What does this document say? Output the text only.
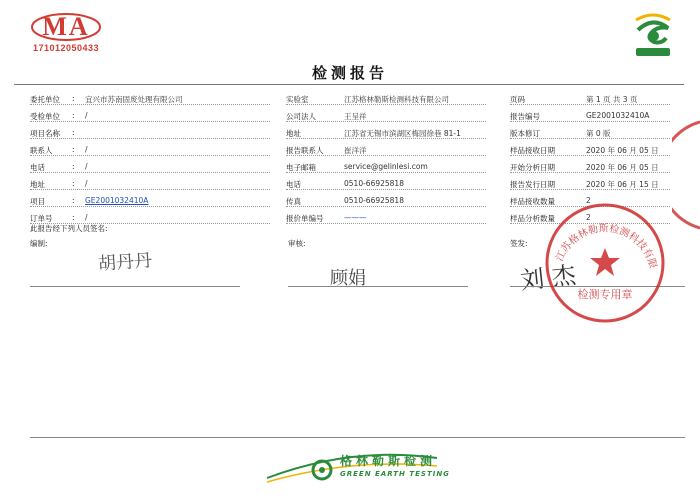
MA
171012050433
检测报告
委托单位 : 宜兴市苏南固废处理有限公司
受检单位 : /
项目名称 :
联系人	: /
电话	: /
地址	: /
项目	: GE2001032410A
订单号	: /
实验室	江苏格林勒斯检测科技有限公司
公司法人	王呈祥
地址	江苏省无锡市滨湖区梅园徐巷 81-1
报告联系人	崔洋洋
电子邮箱	service@gelinlesi.com
电话	0510-66925818
传真	0510-66925818
报价单编号	———
页码	第 1 页 共 3 页
报告编号	GE2001032410A
版本修订	第 0 版
样品接收日期	2020 年 06 月 05 日
开始分析日期	2020 年 06 月 05 日
报告发行日期	2020 年 06 月 15 日
样品接收数量	2
样品分析数量	2
此报告经下列人员签名:
编制:	审核:	签发:
胡丹丹
顾娟	刘 杰
江苏格林勒斯检测科技有限
检测专用章
格林勒斯检测
GREEN EARTH TESTING
